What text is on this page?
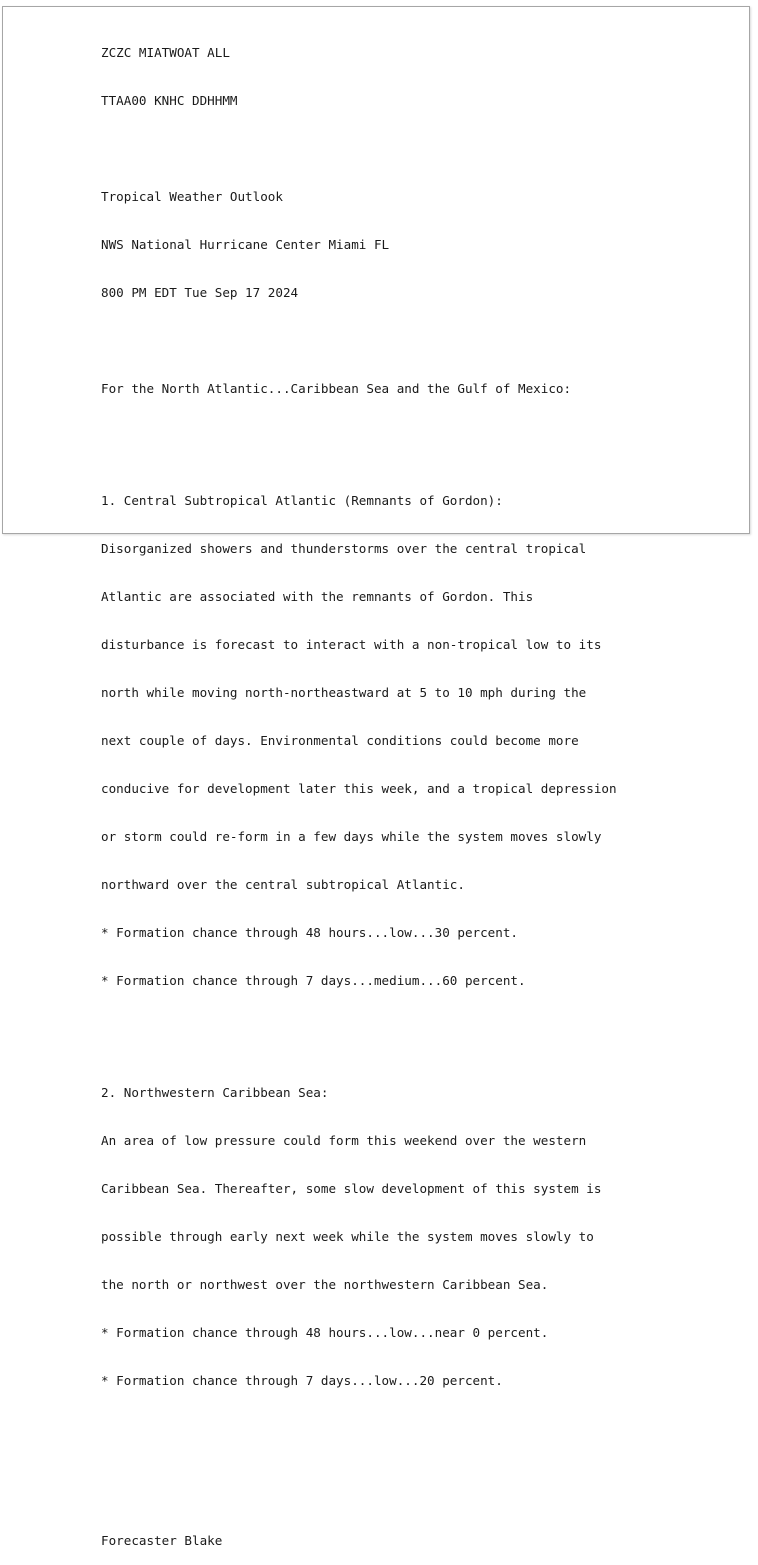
ZCZC MIATWOAT ALL

TTAA00 KNHC DDHHMM

Tropical Weather Outlook

NWS National Hurricane Center Miami FL

800 PM EDT Tue Sep 17 2024

For the North Atlantic...Caribbean Sea and the Gulf of Mexico:

1. Central Subtropical Atlantic (Remnants of Gordon):

Disorganized showers and thunderstorms over the central tropical

Atlantic are associated with the remnants of Gordon. This

disturbance is forecast to interact with a non-tropical low to its

north while moving north-northeastward at 5 to 10 mph during the

next couple of days. Environmental conditions could become more

conducive for development later this week, and a tropical depression

or storm could re-form in a few days while the system moves slowly

northward over the central subtropical Atlantic.

* Formation chance through 48 hours...low...30 percent.

* Formation chance through 7 days...medium...60 percent.

2. Northwestern Caribbean Sea:

An area of low pressure could form this weekend over the western

Caribbean Sea. Thereafter, some slow development of this system is

possible through early next week while the system moves slowly to

the north or northwest over the northwestern Caribbean Sea.

* Formation chance through 48 hours...low...near 0 percent.

* Formation chance through 7 days...low...20 percent.

Forecaster Blake
